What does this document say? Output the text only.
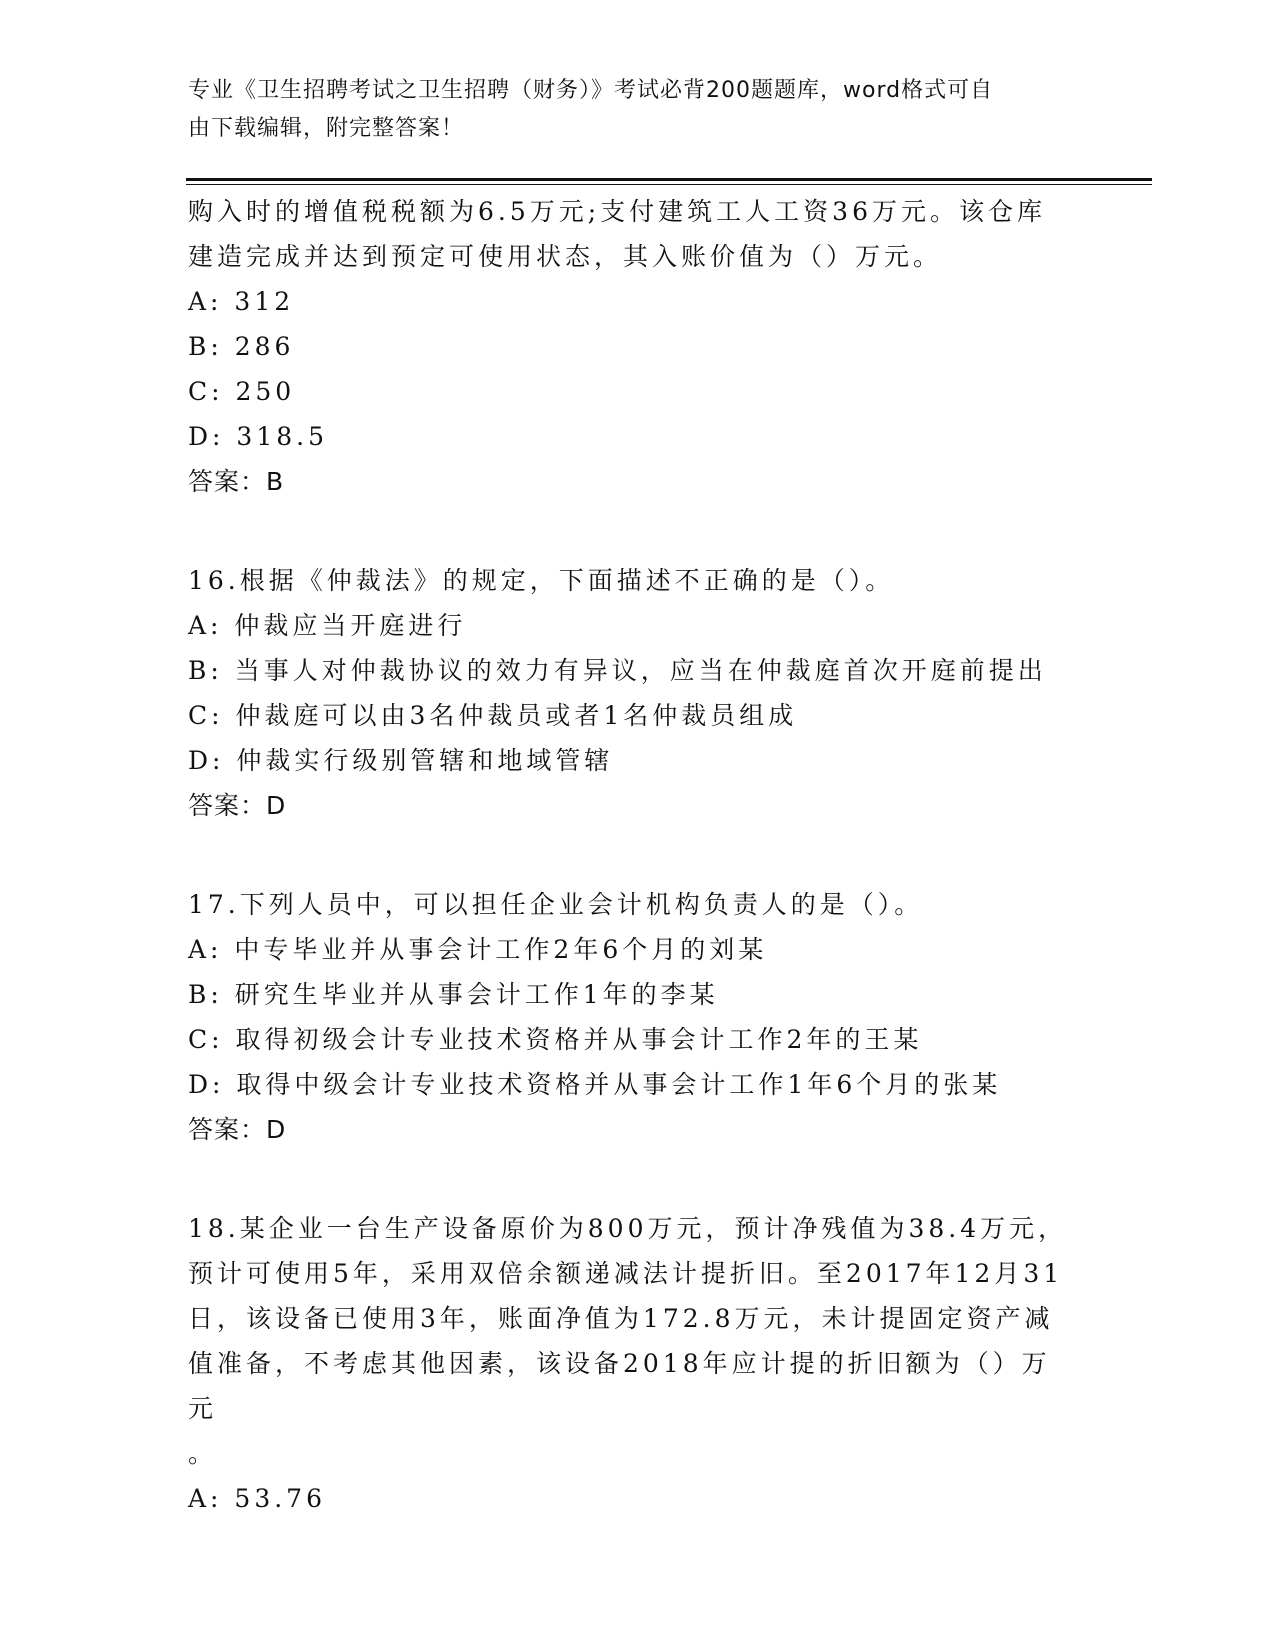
专业《卫生招聘考试之卫生招聘（财务）》考试必背200题题库，word格式可自
由下载编辑，附完整答案！

购入时的增值税税额为6.5万元;支付建筑工人工资36万元。该仓库

建造完成并达到预定可使用状态，其入账价值为（）万元。

A: 312

B: 286

C: 250

D: 318.5

答案：B

16.根据《仲裁法》的规定，下面描述不正确的是（）。

A: 仲裁应当开庭进行

B: 当事人对仲裁协议的效力有异议，应当在仲裁庭首次开庭前提出

C: 仲裁庭可以由3名仲裁员或者1名仲裁员组成

D: 仲裁实行级别管辖和地域管辖

答案：D

17.下列人员中，可以担任企业会计机构负责人的是（）。

A: 中专毕业并从事会计工作2年6个月的刘某

B: 研究生毕业并从事会计工作1年的李某

C: 取得初级会计专业技术资格并从事会计工作2年的王某

D: 取得中级会计专业技术资格并从事会计工作1年6个月的张某

答案：D

18.某企业一台生产设备原价为800万元，预计净残值为38.4万元，

预计可使用5年，采用双倍余额递减法计提折旧。至2017年12月31

日，该设备已使用3年，账面净值为172.8万元，未计提固定资产减

值准备，不考虑其他因素，该设备2018年应计提的折旧额为（）万元

。

A: 53.76
